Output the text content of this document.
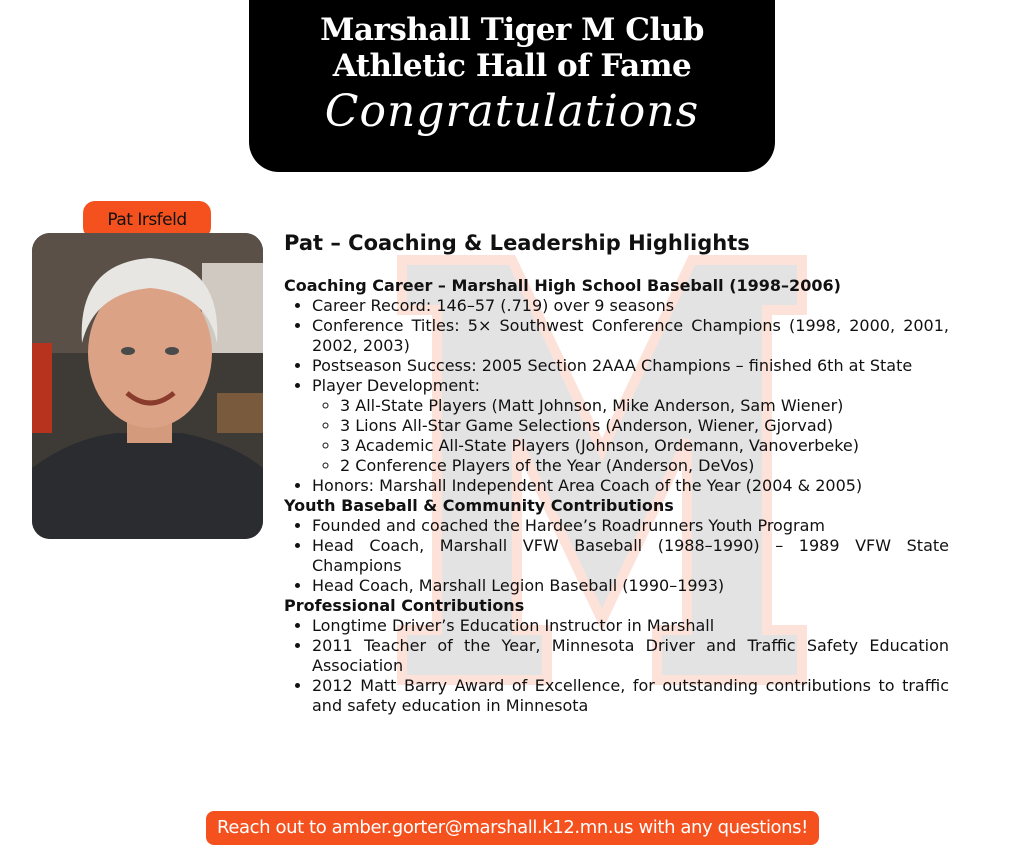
Marshall Tiger M Club
Athletic Hall of Fame
Congratulations
Pat Irsfeld
Pat – Coaching & Leadership Highlights
Coaching Career – Marshall High School Baseball (1998–2006)
• Career Record: 146–57 (.719) over 9 seasons
• Conference Titles: 5× Southwest Conference Champions (1998, 2000, 2001, 2002, 2003)
• Postseason Success: 2005 Section 2AAA Champions – finished 6th at State
• Player Development:
◦ 3 All-State Players (Matt Johnson, Mike Anderson, Sam Wiener)
◦ 3 Lions All-Star Game Selections (Anderson, Wiener, Gjorvad)
◦ 3 Academic All-State Players (Johnson, Ordemann, Vanoverbeke)
◦ 2 Conference Players of the Year (Anderson, DeVos)
• Honors: Marshall Independent Area Coach of the Year (2004 & 2005)
Youth Baseball & Community Contributions
• Founded and coached the Hardee’s Roadrunners Youth Program
• Head Coach, Marshall VFW Baseball (1988–1990) – 1989 VFW State Champions
• Head Coach, Marshall Legion Baseball (1990–1993)
Professional Contributions
• Longtime Driver’s Education Instructor in Marshall
• 2011 Teacher of the Year, Minnesota Driver and Traffic Safety Education Association
• 2012 Matt Barry Award of Excellence, for outstanding contributions to traffic and safety education in Minnesota
Reach out to amber.gorter@marshall.k12.mn.us with any questions!
